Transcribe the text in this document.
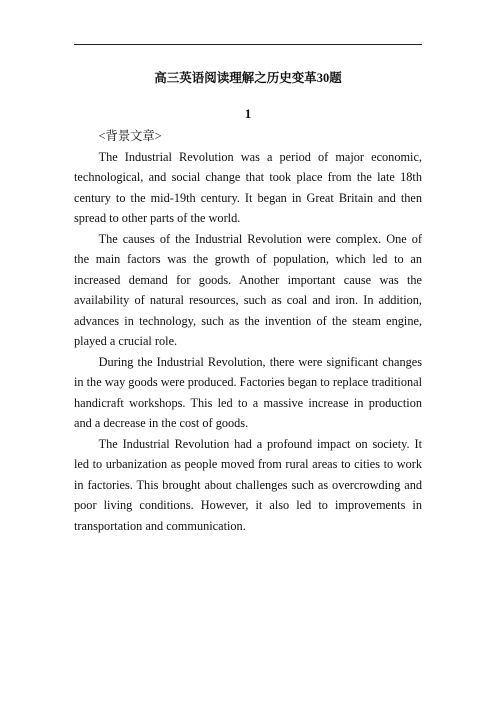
高三英语阅读理解之历史变革30题
1

<背景文章>

The Industrial Revolution was a period of major economic, technological, and social change that took place from the late 18th century to the mid-19th century. It began in Great Britain and then spread to other parts of the world.

The causes of the Industrial Revolution were complex. One of the main factors was the growth of population, which led to an increased demand for goods. Another important cause was the availability of natural resources, such as coal and iron. In addition, advances in technology, such as the invention of the steam engine, played a crucial role.

During the Industrial Revolution, there were significant changes in the way goods were produced. Factories began to replace traditional handicraft workshops. This led to a massive increase in production and a decrease in the cost of goods.

The Industrial Revolution had a profound impact on society. It led to urbanization as people moved from rural areas to cities to work in factories. This brought about challenges such as overcrowding and poor living conditions. However, it also led to improvements in transportation and communication.
